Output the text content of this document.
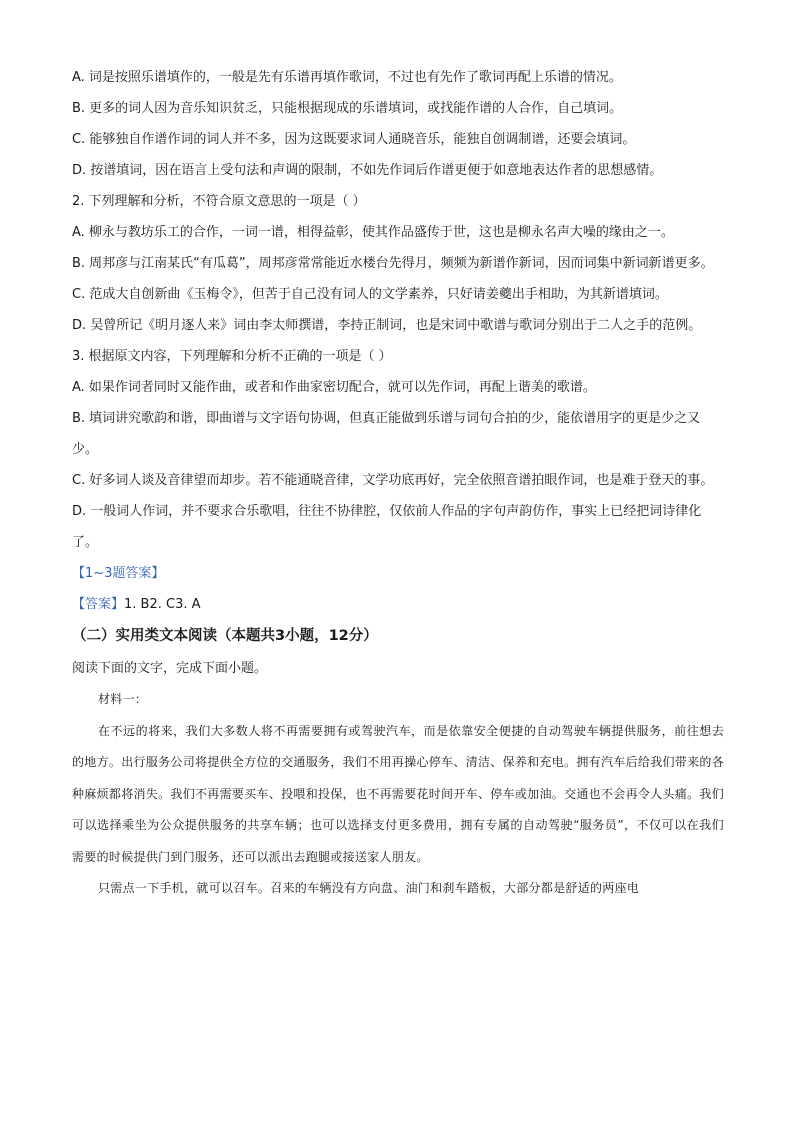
A. 词是按照乐谱填作的，一般是先有乐谱再填作歌词，不过也有先作了歌词再配上乐谱的情况。

B. 更多的词人因为音乐知识贫乏，只能根据现成的乐谱填词，或找能作谱的人合作，自己填词。

C. 能够独自作谱作词的词人并不多，因为这既要求词人通晓音乐，能独自创调制谱，还要会填词。

D. 按谱填词，因在语言上受句法和声调的限制，不如先作词后作谱更便于如意地表达作者的思想感情。

2. 下列理解和分析，不符合原文意思的一项是（ ）

A. 柳永与教坊乐工的合作，一词一谱，相得益彰，使其作品盛传于世，这也是柳永名声大噪的缘由之一。

B. 周邦彦与江南某氏“有瓜葛”，周邦彦常常能近水楼台先得月，频频为新谱作新词，因而词集中新词新谱更多。

C. 范成大自创新曲《玉梅令》，但苦于自己没有词人的文学素养，只好请姜夔出手相助，为其新谱填词。

D. 吴曾所记《明月逐人来》词由李太师撰谱，李持正制词，也是宋词中歌谱与歌词分别出于二人之手的范例。

3. 根据原文内容，下列理解和分析不正确的一项是（ ）

A. 如果作词者同时又能作曲，或者和作曲家密切配合，就可以先作词，再配上谐美的歌谱。

B. 填词讲究歌韵和谐，即曲谱与文字语句协调，但真正能做到乐谱与词句合拍的少，能依谱用字的更是少之又少。

C. 好多词人谈及音律望而却步。若不能通晓音律，文学功底再好，完全依照音谱拍眼作词，也是难于登天的事。

D. 一般词人作词，并不要求合乐歌唱，往往不协律腔，仅依前人作品的字句声韵仿作，事实上已经把词诗律化了。

【1~3题答案】

【答案】1. B2. C3. A

（二）实用类文本阅读（本题共3小题，12分）

阅读下面的文字，完成下面小题。

材料一：

在不远的将来，我们大多数人将不再需要拥有或驾驶汽车，而是依靠安全便捷的自动驾驶车辆提供服务，前往想去的地方。出行服务公司将提供全方位的交通服务，我们不用再操心停车、清洁、保养和充电。拥有汽车后给我们带来的各种麻烦都将消失。我们不再需要买车、投喂和投保，也不再需要花时间开车、停车或加油。交通也不会再令人头痛。我们可以选择乘坐为公众提供服务的共享车辆；也可以选择支付更多费用，拥有专属的自动驾驶“服务员”，不仅可以在我们需要的时候提供门到门服务，还可以派出去跑腿或接送家人朋友。

只需点一下手机，就可以召车。召来的车辆没有方向盘、油门和刹车踏板，大部分都是舒适的两座电
